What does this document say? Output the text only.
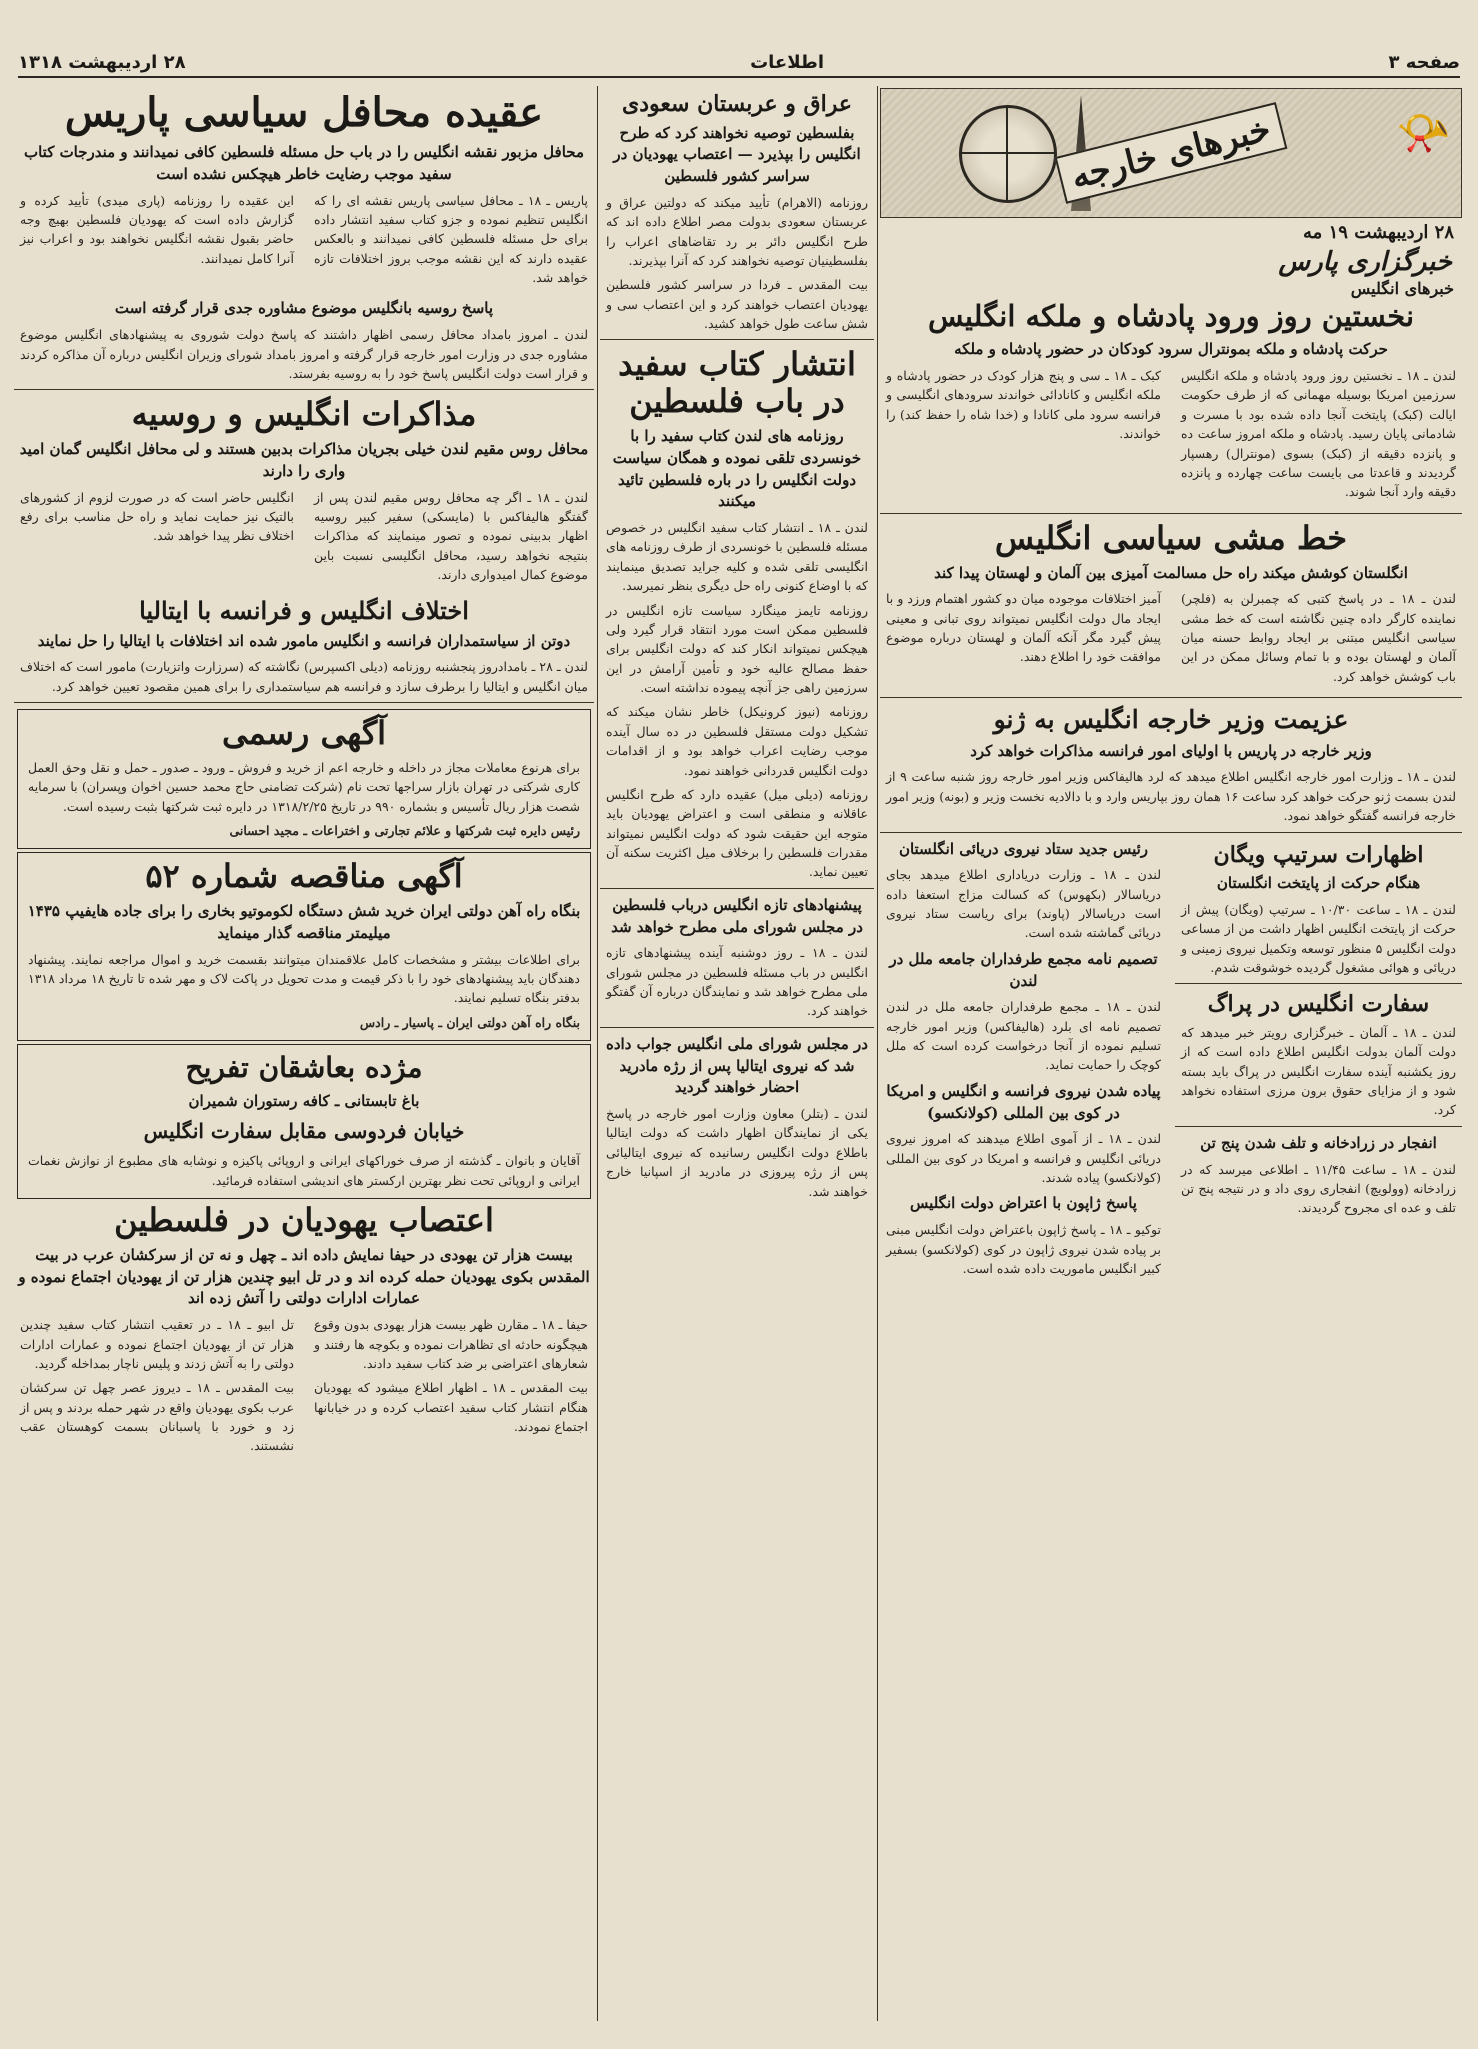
صفحه ۳
اطلاعات
۲۸ اردیبهشت ۱۳۱۸
📯
خبرهای خارجه
۲۸ اردیبهشت ۱۹ مه
خبرگزاری پارس
خبرهای انگلیس
نخستین روز ورود پادشاه و ملکه انگلیس
حرکت پادشاه و ملکه بمونترال سرود کودکان در حضور پادشاه و ملکه
لندن ـ ۱۸ ـ نخستین روز ورود پادشاه و ملکه انگلیس سرزمین امریکا بوسیله مهمانی که از طرف حکومت ایالت (کبک) پایتخت آنجا داده شده بود با مسرت و شادمانی پایان رسید. پادشاه و ملکه امروز ساعت ده و پانزده دقیقه از (کبک) بسوی (مونترال) رهسپار گردیدند و قاعدتا می بایست ساعت چهارده و پانزده دقیقه وارد آنجا شوند.
کبک ـ ۱۸ ـ سی و پنج هزار کودک در حضور پادشاه و ملکه انگلیس و کانادائی خواندند سرودهای انگلیسی و فرانسه سرود ملی کانادا و (خدا شاه را حفظ کند) را خواندند.
خط مشی سیاسی انگلیس
انگلستان کوشش میکند راه حل مسالمت آمیزی بین آلمان و لهستان پیدا کند
لندن ـ ۱۸ ـ در پاسخ کتبی که چمبرلن به (فلچر) نماینده کارگر داده چنین نگاشته است که خط مشی سیاسی انگلیس مبتنی بر ایجاد روابط حسنه میان آلمان و لهستان بوده و با تمام وسائل ممکن در این باب کوشش خواهد کرد.
آمیز اختلافات موجوده میان دو کشور اهتمام ورزد و با ایجاد مال دولت انگلیس نمیتواند روی تبانی و معینی پیش گیرد مگر آنکه آلمان و لهستان درباره موضوع موافقت خود را اطلاع دهند.
عزیمت وزیر خارجه انگلیس به ژنو
وزیر خارجه در پاریس با اولیای امور فرانسه مذاکرات خواهد کرد
لندن ـ ۱۸ ـ وزارت امور خارجه انگلیس اطلاع میدهد که لرد هالیفاکس وزیر امور خارجه روز شنبه ساعت ۹ از لندن بسمت ژنو حرکت خواهد کرد ساعت ۱۶ همان روز بپاریس وارد و با دالادیه نخست وزیر و (بونه) وزیر امور خارجه فرانسه گفتگو خواهد نمود.
اظهارات سرتیپ ویگان
هنگام حرکت از پایتخت انگلستان
لندن ـ ۱۸ ـ ساعت ۱۰/۳۰ ـ سرتیپ (ویگان) پیش از حرکت از پایتخت انگلیس اظهار داشت من از مساعی دولت انگلیس ۵ منظور توسعه وتکمیل نیروی زمینی و دریائی و هوائی مشغول گردیده خوشوقت شدم.
سفارت انگلیس در پراگ
لندن ـ ۱۸ ـ آلمان ـ خبرگزاری رویتر خبر میدهد که دولت آلمان بدولت انگلیس اطلاع داده است که از روز یکشنبه آینده سفارت انگلیس در پراگ باید بسته شود و از مزایای حقوق برون مرزی استفاده نخواهد کرد.
انفجار در زرادخانه و تلف شدن پنج تن
لندن ـ ۱۸ ـ ساعت ۱۱/۴۵ ـ اطلاعی میرسد که در زرادخانه (وولویچ) انفجاری روی داد و در نتیجه پنج تن تلف و عده ای مجروح گردیدند.
رئیس جدید ستاد نیروی دریائی انگلستان
لندن ـ ۱۸ ـ وزارت دریاداری اطلاع میدهد بجای دریاسالار (بکهوس) که کسالت مزاج استعفا داده است دریاسالار (پاوند) برای ریاست ستاد نیروی دریائی گماشته شده است.
تصمیم نامه مجمع طرفداران جامعه ملل در لندن
لندن ـ ۱۸ ـ مجمع طرفداران جامعه ملل در لندن تصمیم نامه ای بلرد (هالیفاکس) وزیر امور خارجه تسلیم نموده از آنجا درخواست کرده است که ملل کوچک را حمایت نماید.
پیاده شدن نیروی فرانسه و انگلیس و امریکا در کوی بین المللی (کولانکسو)
لندن ـ ۱۸ ـ از آموی اطلاع میدهند که امروز نیروی دریائی انگلیس و فرانسه و امریکا در کوی بین المللی (کولانکسو) پیاده شدند.
پاسخ ژاپون با اعتراض دولت انگلیس
توکیو ـ ۱۸ ـ پاسخ ژاپون باعتراض دولت انگلیس مبنی بر پیاده شدن نیروی ژاپون در کوی (کولانکسو) بسفیر کبیر انگلیس ماموریت داده شده است.
عراق و عربستان سعودی
بفلسطین توصیه نخواهند کرد که طرح انگلیس را بپذیرد — اعتصاب یهودیان در سراسر کشور فلسطین
روزنامه (الاهرام) تأیید میکند که دولتین عراق و عربستان سعودی بدولت مصر اطلاع داده اند که طرح انگلیس دائر بر رد تقاضاهای اعراب را بفلسطینیان توصیه نخواهند کرد که آنرا بپذیرند.
بیت المقدس ـ فردا در سراسر کشور فلسطین یهودیان اعتصاب خواهند کرد و این اعتصاب سی و شش ساعت طول خواهد کشید.
انتشار کتاب سفید در باب فلسطین
روزنامه های لندن کتاب سفید را با خونسردی تلقی نموده و همگان سیاست دولت انگلیس را در باره فلسطین تائید میکنند
لندن ـ ۱۸ ـ انتشار کتاب سفید انگلیس در خصوص مسئله فلسطین با خونسردی از طرف روزنامه های انگلیسی تلقی شده و کلیه جراید تصدیق مینمایند که با اوضاع کنونی راه حل دیگری بنظر نمیرسد.
روزنامه تایمز مینگارد سیاست تازه انگلیس در فلسطین ممکن است مورد انتقاد قرار گیرد ولی هیچکس نمیتواند انکار کند که دولت انگلیس برای حفظ مصالح عالیه خود و تأمین آرامش در این سرزمین راهی جز آنچه پیموده نداشته است.
روزنامه (نیوز کرونیکل) خاطر نشان میکند که تشکیل دولت مستقل فلسطین در ده سال آینده موجب رضایت اعراب خواهد بود و از اقدامات دولت انگلیس قدردانی خواهند نمود.
روزنامه (دیلی میل) عقیده دارد که طرح انگلیس عاقلانه و منطقی است و اعتراض یهودیان باید متوجه این حقیقت شود که دولت انگلیس نمیتواند مقدرات فلسطین را برخلاف میل اکثریت سکنه آن تعیین نماید.
پیشنهادهای تازه انگلیس درباب فلسطین در مجلس شورای ملی مطرح خواهد شد
لندن ـ ۱۸ ـ روز دوشنبه آینده پیشنهادهای تازه انگلیس در باب مسئله فلسطین در مجلس شورای ملی مطرح خواهد شد و نمایندگان درباره آن گفتگو خواهند کرد.
در مجلس شورای ملی انگلیس جواب داده شد که نیروی ایتالیا پس از رژه مادرید احضار خواهند گردید
لندن ـ (بتلر) معاون وزارت امور خارجه در پاسخ یکی از نمایندگان اظهار داشت که دولت ایتالیا باطلاع دولت انگلیس رسانیده که نیروی ایتالیائی پس از رژه پیروزی در مادرید از اسپانیا خارج خواهند شد.
عقیده محافل سیاسی پاریس
محافل مزبور نقشه انگلیس را در باب حل مسئله فلسطین کافی نمیدانند و مندرجات کتاب سفید موجب رضایت خاطر هیچکس نشده است
پاریس ـ ۱۸ ـ محافل سیاسی پاریس نقشه ای را که انگلیس تنظیم نموده و جزو کتاب سفید انتشار داده برای حل مسئله فلسطین کافی نمیدانند و بالعکس عقیده دارند که این نقشه موجب بروز اختلافات تازه خواهد شد.
این عقیده را روزنامه (پاری میدی) تأیید کرده و گزارش داده است که یهودیان فلسطین بهیچ وجه حاضر بقبول نقشه انگلیس نخواهند بود و اعراب نیز آنرا کامل نمیدانند.
پاسخ روسیه بانگلیس موضوع مشاوره جدی قرار گرفته است
لندن ـ امروز بامداد محافل رسمی اظهار داشتند که پاسخ دولت شوروی به پیشنهادهای انگلیس موضوع مشاوره جدی در وزارت امور خارجه قرار گرفته و امروز بامداد شورای وزیران انگلیس درباره آن مذاکره کردند و قرار است دولت انگلیس پاسخ خود را به روسیه بفرستد.
مذاکرات انگلیس و روسیه
محافل روس مقیم لندن خیلی بجریان مذاکرات بدبین هستند و لی محافل انگلیس گمان امید واری را دارند
لندن ـ ۱۸ ـ اگر چه محافل روس مقیم لندن پس از گفتگو هالیفاکس با (مایسکی) سفیر کبیر روسیه اظهار بدبینی نموده و تصور مینمایند که مذاکرات بنتیجه نخواهد رسید، محافل انگلیسی نسبت باین موضوع کمال امیدواری دارند.
انگلیس حاضر است که در صورت لزوم از کشورهای بالتیک نیز حمایت نماید و راه حل مناسب برای رفع اختلاف نظر پیدا خواهد شد.
اختلاف انگلیس و فرانسه با ایتالیا
دوتن از سیاستمداران فرانسه و انگلیس مامور شده اند اختلافات با ایتالیا را حل نمایند
لندن ـ ۲۸ ـ بامدادروز پنجشنبه روزنامه (دیلی اکسپرس) نگاشته که (سرزارت واتزیارت) مامور است که اختلاف میان انگلیس و ایتالیا را برطرف سازد و فرانسه هم سیاستمداری را برای همین مقصود تعیین خواهد کرد.
آگهی رسمی
برای هرنوع معاملات مجاز در داخله و خارجه اعم از خرید و فروش ـ ورود ـ صدور ـ حمل و نقل وحق العمل کاری شرکتی در تهران بازار سراجها تحت نام (شرکت تضامنی حاج محمد حسین اخوان وپسران) با سرمایه شصت هزار ریال تأسیس و بشماره ۹۹۰ در تاریخ ۱۳۱۸/۲/۲۵ در دایره ثبت شرکتها بثبت رسیده است.
رئیس دایره ثبت شرکتها و علائم تجارتی و اختراعات ـ مجید احسانی
آگهی مناقصه شماره ۵۲
بنگاه راه آهن دولتی ایران خرید شش دستگاه لکوموتیو بخاری را برای جاده هایفیپ ۱۴۳۵ میلیمتر مناقصه گذار مینماید
برای اطلاعات بیشتر و مشخصات کامل علاقمندان میتوانند بقسمت خرید و اموال مراجعه نمایند. پیشنهاد دهندگان باید پیشنهادهای خود را با ذکر قیمت و مدت تحویل در پاکت لاک و مهر شده تا تاریخ ۱۸ مرداد ۱۳۱۸ بدفتر بنگاه تسلیم نمایند.
بنگاه راه آهن دولتی ایران ـ پاسیار ـ رادس
مژده بعاشقان تفریح
باغ تابستانی ـ کافه رستوران شمیران
خیابان فردوسی مقابل سفارت انگلیس
آقایان و بانوان ـ گذشته از صرف خوراکهای ایرانی و اروپائی پاکیزه و نوشابه های مطبوع از نوازش نغمات ایرانی و اروپائی تحت نظر بهترین ارکستر های اندیشی استفاده فرمائید.
اعتصاب یهودیان در فلسطین
بیست هزار تن یهودی در حیفا نمایش داده اند ـ چهل و نه تن از سرکشان عرب در بیت المقدس بکوی یهودیان حمله کرده اند و در تل ابیو چندین هزار تن از یهودیان اجتماع نموده و عمارات ادارات دولتی را آتش زده اند
حیفا ـ ۱۸ ـ مقارن ظهر بیست هزار یهودی بدون وقوع هیچگونه حادثه ای تظاهرات نموده و بکوچه ها رفتند و شعارهای اعتراضی بر ضد کتاب سفید دادند.
بیت المقدس ـ ۱۸ ـ اظهار اطلاع میشود که یهودیان هنگام انتشار کتاب سفید اعتصاب کرده و در خیابانها اجتماع نمودند.
تل ابیو ـ ۱۸ ـ در تعقیب انتشار کتاب سفید چندین هزار تن از یهودیان اجتماع نموده و عمارات ادارات دولتی را به آتش زدند و پلیس ناچار بمداخله گردید.
بیت المقدس ـ ۱۸ ـ دیروز عصر چهل تن سرکشان عرب بکوی یهودیان واقع در شهر حمله بردند و پس از زد و خورد با پاسبانان بسمت کوهستان عقب نشستند.
